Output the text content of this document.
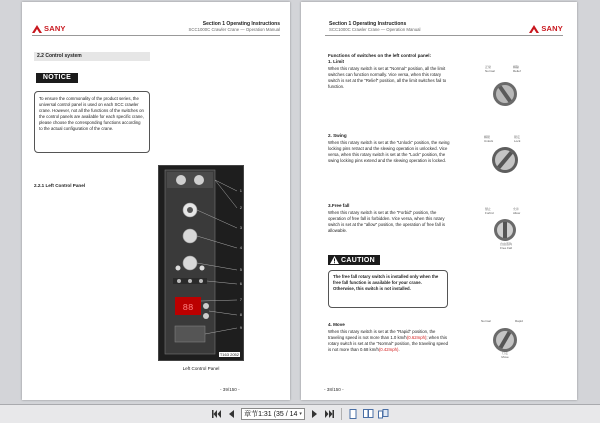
SANY	Section 1 Operating Instructions
SCC1000C Crawler Crane — Operation Manual
2.2 Control system
NOTICE
To ensure the commonality of the product series, the universal control panel is used on each SCC crawler crane. However, not all the functions of the switches on the control panels are available for each specific crane, please choose the corresponding functions according to the actual configuration of the crane.
2.2.1 Left Control Panel
88
1
2
3
4
5
6
7
8
9
T163 2052
Left Control Panel
- 39/150 -
Section 1 Operating Instructions
SCC1000C Crawler Crane — Operation Manual	SANY
Functions of switches on the left control panel:
1. Limit
When this rotary switch is set at "Normal" position, all the limit switches can function normally. Vice versa, when this rotary switch is set at the "Relief" position, all the limit switches fail to function.
正常
Normal
解除
Relief
2. Swing
When this rotary switch is set at the "Unlock" position, the swing locking pins retract and the slewing operation is unlocked. Vice versa, when this rotary switch is set at the "Lock" position, the swing locking pins extend and the slewing operation is locked.
解锁
Unlock
锁定
Lock
3.Free fall
When this rotary switch is set at the "Forbid" position, the operation of free fall is forbidden. Vice versa, when this rotary switch is set at the "allow" position, the operation of free fall is allowable.
禁止
Forbid
允许
Allow
自由落钩
Free Fall
CAUTION
The free fall rotary switch is installed only when the free fall function is available for your crane. Otherwise, this switch is not installed.
4. Move
When this rotary switch is set at the "Rapid" position, the traveling speed is not more than 1.0 km/h(0.62mph); when this rotary switch is set at the "Normal" position, the traveling speed is not more than 0.68 km/h(0.42mph).
Normal	Rapid
行走
Move
- 38/150 -
章节1:31 (35 / 14 ▾
